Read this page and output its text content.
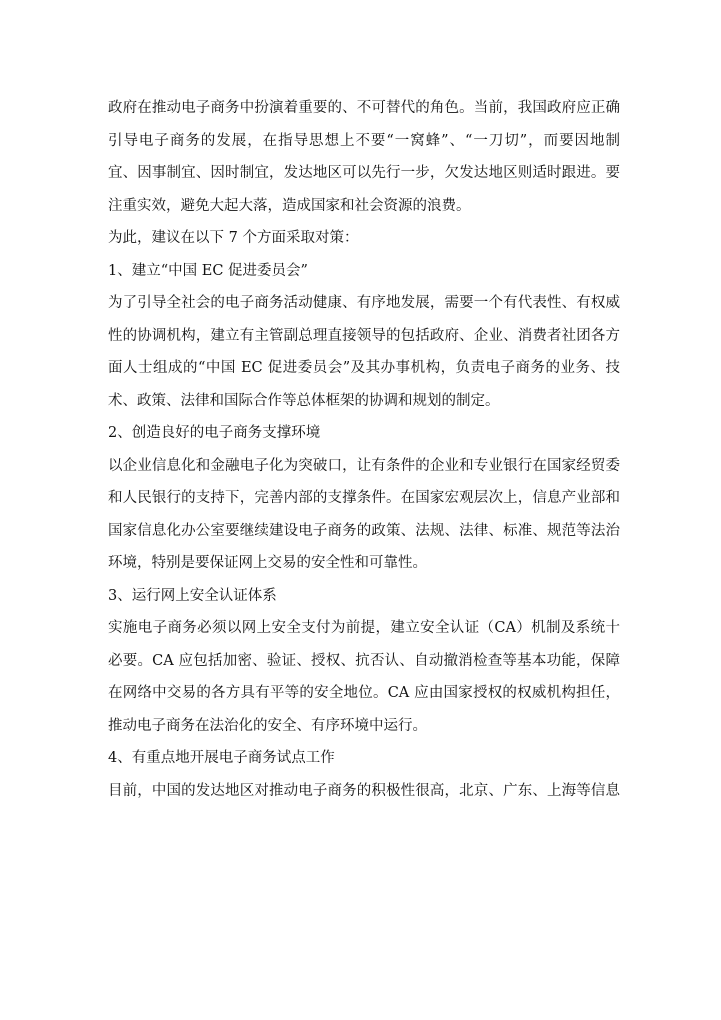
政府在推动电子商务中扮演着重要的、不可替代的角色。当前，我国政府应正确
引导电子商务的发展，在指导思想上不要“一窝蜂”、“一刀切”，而要因地制
宜、因事制宜、因时制宜，发达地区可以先行一步，欠发达地区则适时跟进。要
注重实效，避免大起大落，造成国家和社会资源的浪费。
为此，建议在以下 7 个方面采取对策：
1、建立“中国 EC 促进委员会”
为了引导全社会的电子商务活动健康、有序地发展，需要一个有代表性、有权威
性的协调机构，建立有主管副总理直接领导的包括政府、企业、消费者社团各方
面人士组成的“中国 EC 促进委员会”及其办事机构，负责电子商务的业务、技
术、政策、法律和国际合作等总体框架的协调和规划的制定。
2、创造良好的电子商务支撑环境
以企业信息化和金融电子化为突破口，让有条件的企业和专业银行在国家经贸委
和人民银行的支持下，完善内部的支撑条件。在国家宏观层次上，信息产业部和
国家信息化办公室要继续建设电子商务的政策、法规、法律、标准、规范等法治
环境，特别是要保证网上交易的安全性和可靠性。
3、运行网上安全认证体系
实施电子商务必须以网上安全支付为前提，建立安全认证（CA）机制及系统十
必要。CA 应包括加密、验证、授权、抗否认、自动撤消检查等基本功能，保障
在网络中交易的各方具有平等的安全地位。CA 应由国家授权的权威机构担任，
推动电子商务在法治化的安全、有序环境中运行。
4、有重点地开展电子商务试点工作
目前，中国的发达地区对推动电子商务的积极性很高，北京、广东、上海等信息
